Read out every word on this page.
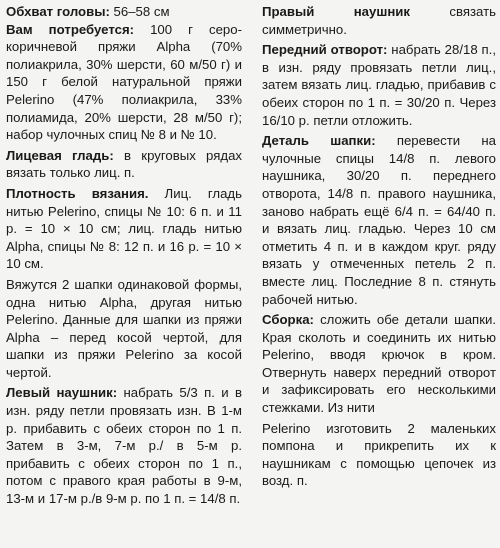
Обхват головы: 56–58 см

Вам потребуется: 100 г серо-коричневой пряжи Alpha (70% полиакрила, 30% шерсти, 60 м/50 г) и 150 г белой натуральной пряжи Pelerino (47% полиакрила, 33% полиамида, 20% шерсти, 28 м/50 г); набор чулочных спиц № 8 и № 10.

Лицевая гладь: в круговых рядах вязать только лиц. п.

Плотность вязания. Лиц. гладь нитью Pelerino, спицы № 10: 6 п. и 11 р. = 10 × 10 см; лиц. гладь нитью Alpha, спицы № 8: 12 п. и 16 р. = 10 × 10 см.

Вяжутся 2 шапки одинаковой формы, одна нитью Alpha, другая нитью Pelerino. Данные для шапки из пряжи Alpha – перед косой чертой, для шапки из пряжи Pelerino за косой чертой.

Левый наушник: набрать 5/3 п. и в изн. ряду петли провязать изн. В 1-м р. прибавить с обеих сторон по 1 п. Затем в 3-м, 7-м р./ в 5-м р. прибавить с обеих сторон по 1 п., потом с правого края работы в 9-м, 13-м и 17-м р./в 9-м р. по 1 п. = 14/8 п.

Правый наушник связать симметрично.

Передний отворот: набрать 28/18 п., в изн. ряду провязать петли лиц., затем вязать лиц. гладью, прибавив с обеих сторон по 1 п. = 30/20 п. Через 16/10 р. петли отложить.

Деталь шапки: перевести на чулочные спицы 14/8 п. левого наушника, 30/20 п. переднего отворота, 14/8 п. правого наушника, заново набрать ещё 6/4 п. = 64/40 п. и вязать лиц. гладью. Через 10 см отметить 4 п. и в каждом круг. ряду вязать у отмеченных петель 2 п. вместе лиц. Последние 8 п. стянуть рабочей нитью.

Сборка: сложить обе детали шапки. Края сколоть и соединить их нитью Pelerino, вводя крючок в кром. Отвернуть наверх передний отворот и зафиксировать его несколькими стежками. Из нити

Pelerino изготовить 2 маленьких помпона и прикрепить их к наушникам с помощью цепочек из возд. п.
